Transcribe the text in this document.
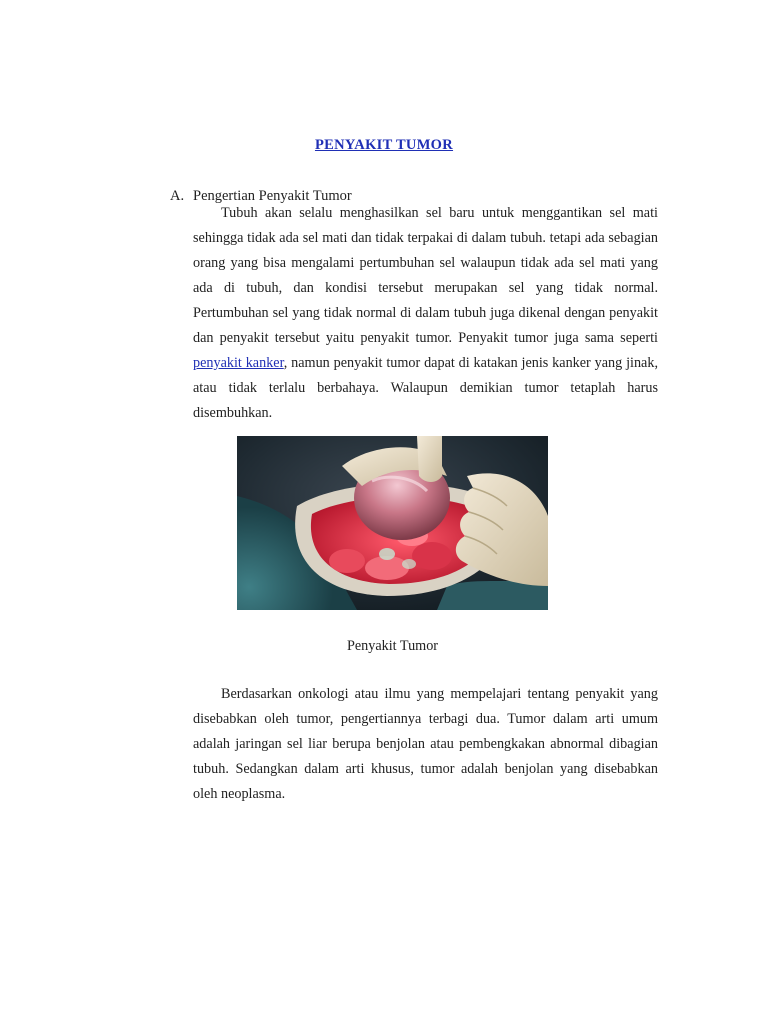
PENYAKIT TUMOR
A. Pengertian Penyakit Tumor

Tubuh akan selalu menghasilkan sel baru untuk menggantikan sel mati sehingga tidak ada sel mati dan tidak terpakai di dalam tubuh. tetapi ada sebagian orang yang bisa mengalami pertumbuhan sel walaupun tidak ada sel mati yang ada di tubuh, dan kondisi tersebut merupakan sel yang tidak normal. Pertumbuhan sel yang tidak normal di dalam tubuh juga dikenal dengan penyakit dan penyakit tersebut yaitu penyakit tumor. Penyakit tumor juga sama seperti penyakit kanker, namun penyakit tumor dapat di katakan jenis kanker yang jinak, atau tidak terlalu berbahaya. Walaupun demikian tumor tetaplah harus disembuhkan.

Penyakit Tumor

Berdasarkan onkologi atau ilmu yang mempelajari tentang penyakit yang disebabkan oleh tumor, pengertiannya terbagi dua. Tumor dalam arti umum adalah jaringan sel liar berupa benjolan atau pembengkakan abnormal dibagian tubuh. Sedangkan dalam arti khusus, tumor adalah benjolan yang disebabkan oleh neoplasma.
